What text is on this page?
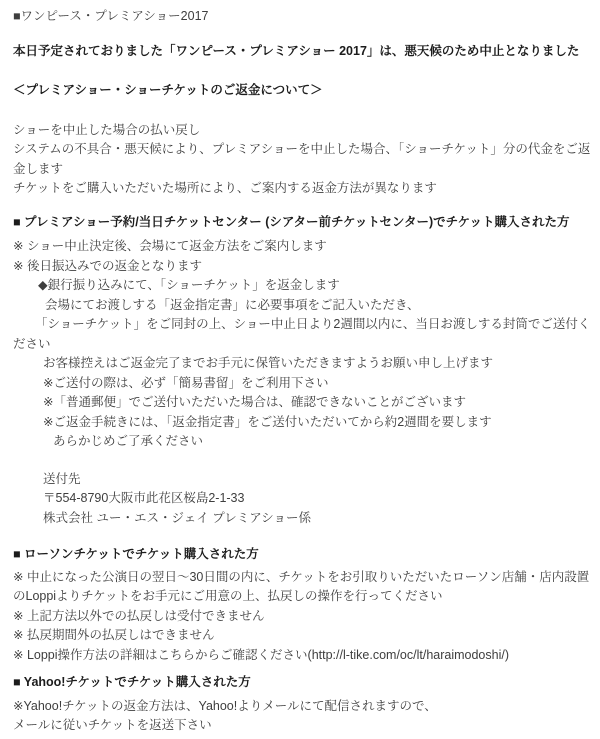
■ワンピース・プレミアショー2017
本日予定されておりました「ワンピース・プレミアショー 2017」は、悪天候のため中止となりました
＜プレミアショー・ショーチケットのご返金について＞
ショーを中止した場合の払い戻し
システムの不具合・悪天候により、プレミアショーを中止した場合、「ショーチケット」分の代金をご返
金します
チケットをご購入いただいた場所により、ご案内する返金方法が異なります
■ プレミアショー予約/当日チケットセンター (シアター前チケットセンター)でチケット購入された方
※ ショー中止決定後、会場にて返金方法をご案内します
※ 後日振込みでの返金となります
◆銀行振り込みにて、「ショーチケット」を返金します
会場にてお渡しする「返金指定書」に必要事項をご記入いただき、
「ショーチケット」をご同封の上、ショー中止日より2週間以内に、当日お渡しする封筒でご送付く
ださい
お客様控えはご返金完了までお手元に保管いただきますようお願い申し上げます
※ご送付の際は、必ず「簡易書留」をご利用下さい
※「普通郵便」でご送付いただいた場合は、確認できないことがございます
※ご返金手続きには、「返金指定書」をご送付いただいてから約2週間を要します
あらかじめご了承ください
送付先
〒554-8790大阪市此花区桜島2-1-33
株式会社 ユー・エス・ジェイ プレミアショー係
■ ローソンチケットでチケット購入された方
※ 中止になった公演日の翌日～30日間の内に、チケットをお引取りいただいたローソン店舗・店内設置
のLoppiよりチケットをお手元にご用意の上、払戻しの操作を行ってください
※ 上記方法以外での払戻しは受付できません
※ 払戻期間外の払戻しはできません
※ Loppi操作方法の詳細はこちらからご確認ください(http://l-tike.com/oc/lt/haraimodoshi/)
■ Yahoo!チケットでチケット購入された方
※Yahoo!チケットの返金方法は、Yahoo!よりメールにて配信されますので、
メールに従いチケットを返送下さい
